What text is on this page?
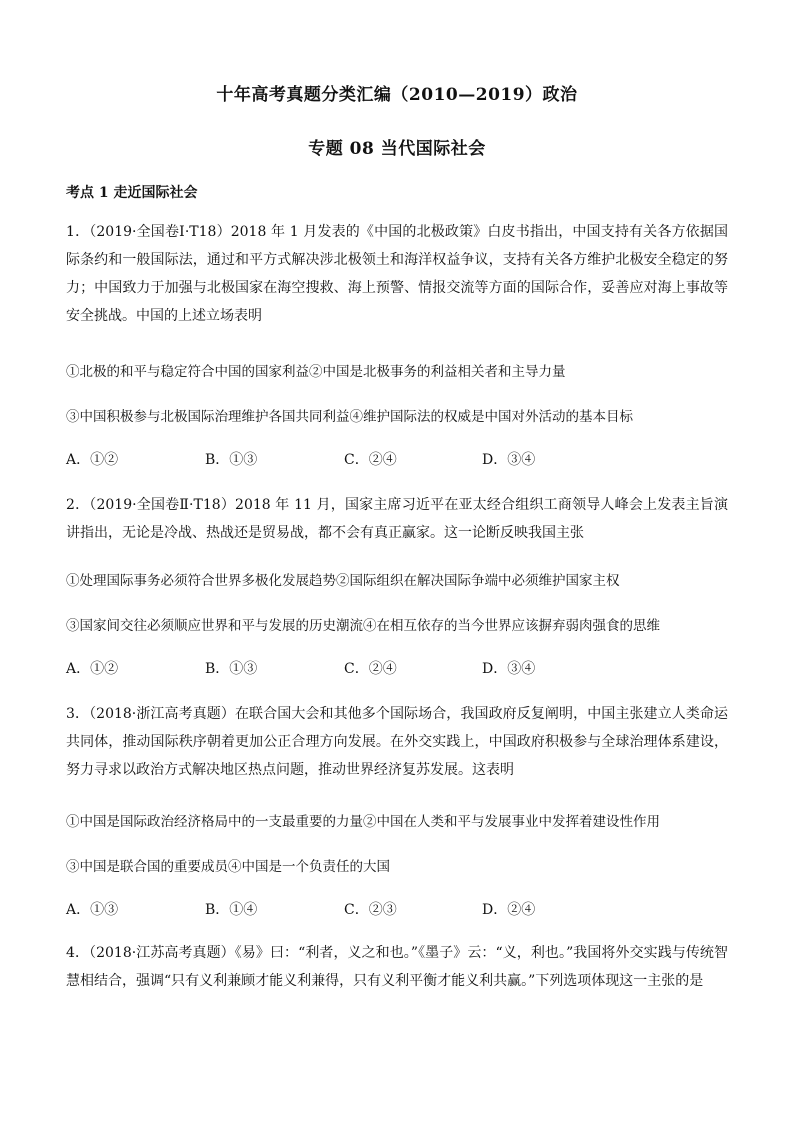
十年高考真题分类汇编（2010—2019）政治
专题 08 当代国际社会
考点 1 走近国际社会
1．（2019·全国卷Ⅰ·T18）2018 年 1 月发表的《中国的北极政策》白皮书指出，中国支持有关各方依据国际条约和一般国际法，通过和平方式解决涉北极领土和海洋权益争议，支持有关各方维护北极安全稳定的努力；中国致力于加强与北极国家在海空搜救、海上预警、情报交流等方面的国际合作，妥善应对海上事故等安全挑战。中国的上述立场表明
①北极的和平与稳定符合中国的国家利益②中国是北极事务的利益相关者和主导力量
③中国积极参与北极国际治理维护各国共同利益④维护国际法的权威是中国对外活动的基本目标
A．①②	B．①③	C．②④	D．③④
2．（2019·全国卷Ⅱ·T18）2018 年 11 月，国家主席习近平在亚太经合组织工商领导人峰会上发表主旨演讲指出，无论是冷战、热战还是贸易战，都不会有真正赢家。这一论断反映我国主张
①处理国际事务必须符合世界多极化发展趋势②国际组织在解决国际争端中必须维护国家主权
③国家间交往必须顺应世界和平与发展的历史潮流④在相互依存的当今世界应该摒弃弱肉强食的思维
A．①②	B．①③	C．②④	D．③④
3．（2018·浙江高考真题）在联合国大会和其他多个国际场合，我国政府反复阐明，中国主张建立人类命运共同体，推动国际秩序朝着更加公正合理方向发展。在外交实践上，中国政府积极参与全球治理体系建设，努力寻求以政治方式解决地区热点问题，推动世界经济复苏发展。这表明
①中国是国际政治经济格局中的一支最重要的力量②中国在人类和平与发展事业中发挥着建设性作用
③中国是联合国的重要成员④中国是一个负责任的大国
A．①③	B．①④	C．②③	D．②④
4．（2018·江苏高考真题）《易》曰：“利者，义之和也。”《墨子》云：“义，利也。”我国将外交实践与传统智慧相结合，强调“只有义利兼顾才能义利兼得，只有义利平衡才能义利共赢。”下列选项体现这一主张的是
